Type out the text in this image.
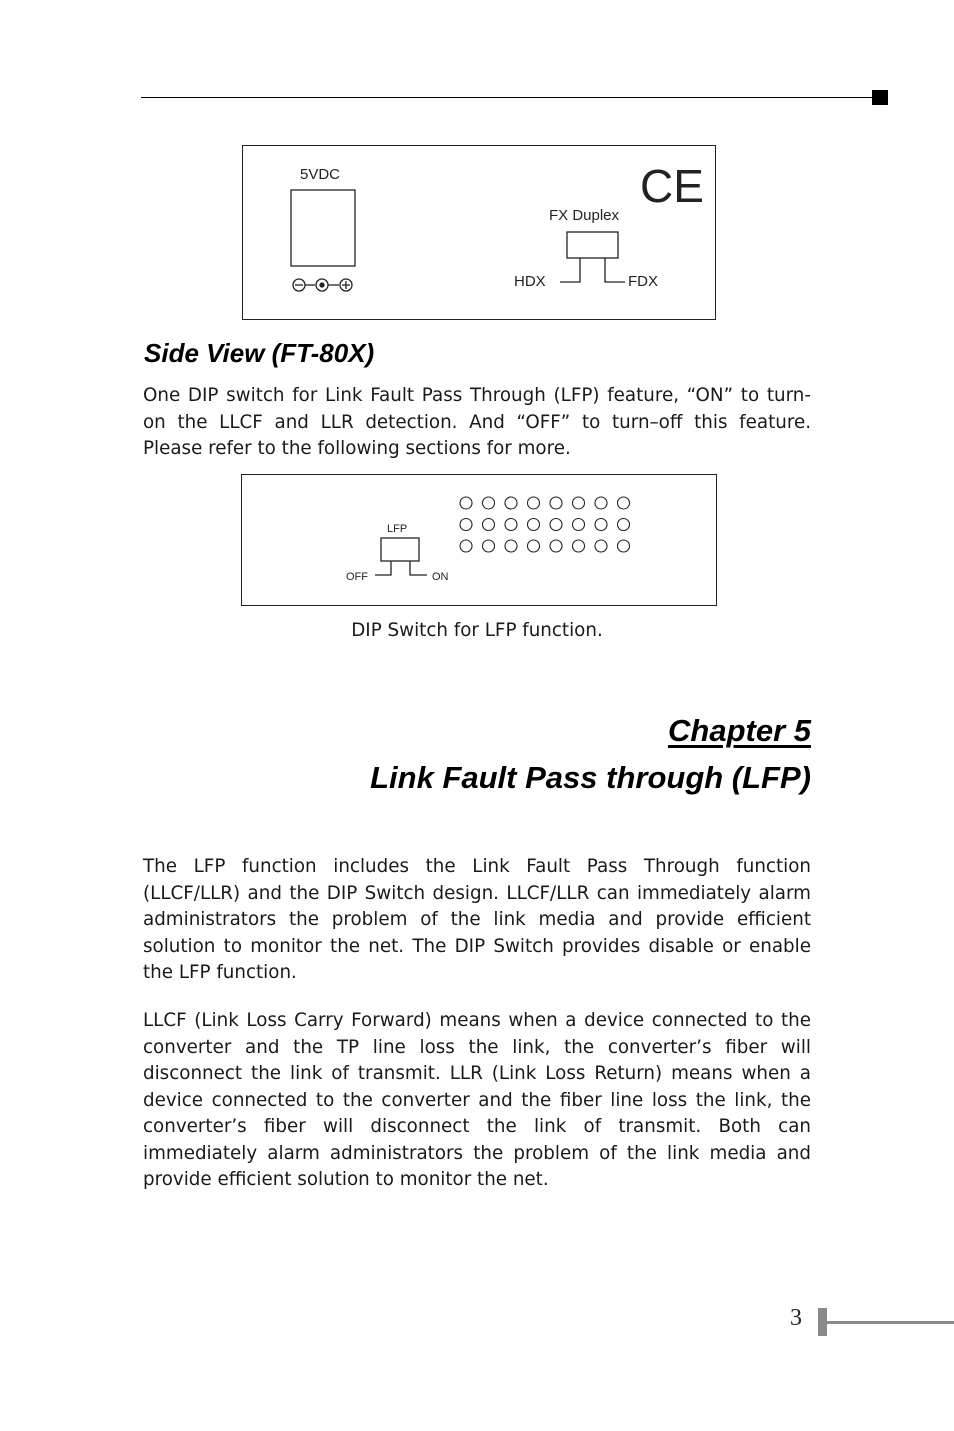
5VDC	CE
FX Duplex
HDX	FDX
Side View (FT-80X)

One DIP switch for Link Fault Pass Through (LFP) feature, “ON” to turn-on the LLCF and LLR detection. And “OFF” to turn–off this feature. Please refer to the following sections for more.

LFP
OFF	ON
DIP Switch for LFP function.
Chapter 5
Link Fault Pass through (LFP)

The LFP function includes the Link Fault Pass Through function (LLCF/LLR) and the DIP Switch design. LLCF/LLR can immediately alarm administrators the problem of the link media and provide efficient solution to monitor the net. The DIP Switch provides disable or enable the LFP function.

LLCF (Link Loss Carry Forward) means when a device connected to the converter and the TP line loss the link, the converter’s fiber will disconnect the link of transmit. LLR (Link Loss Return) means when a device connected to the converter and the fiber line loss the link, the converter’s fiber will disconnect the link of transmit. Both can immediately alarm administrators the problem of the link media and provide efficient solution to monitor the net.

3
